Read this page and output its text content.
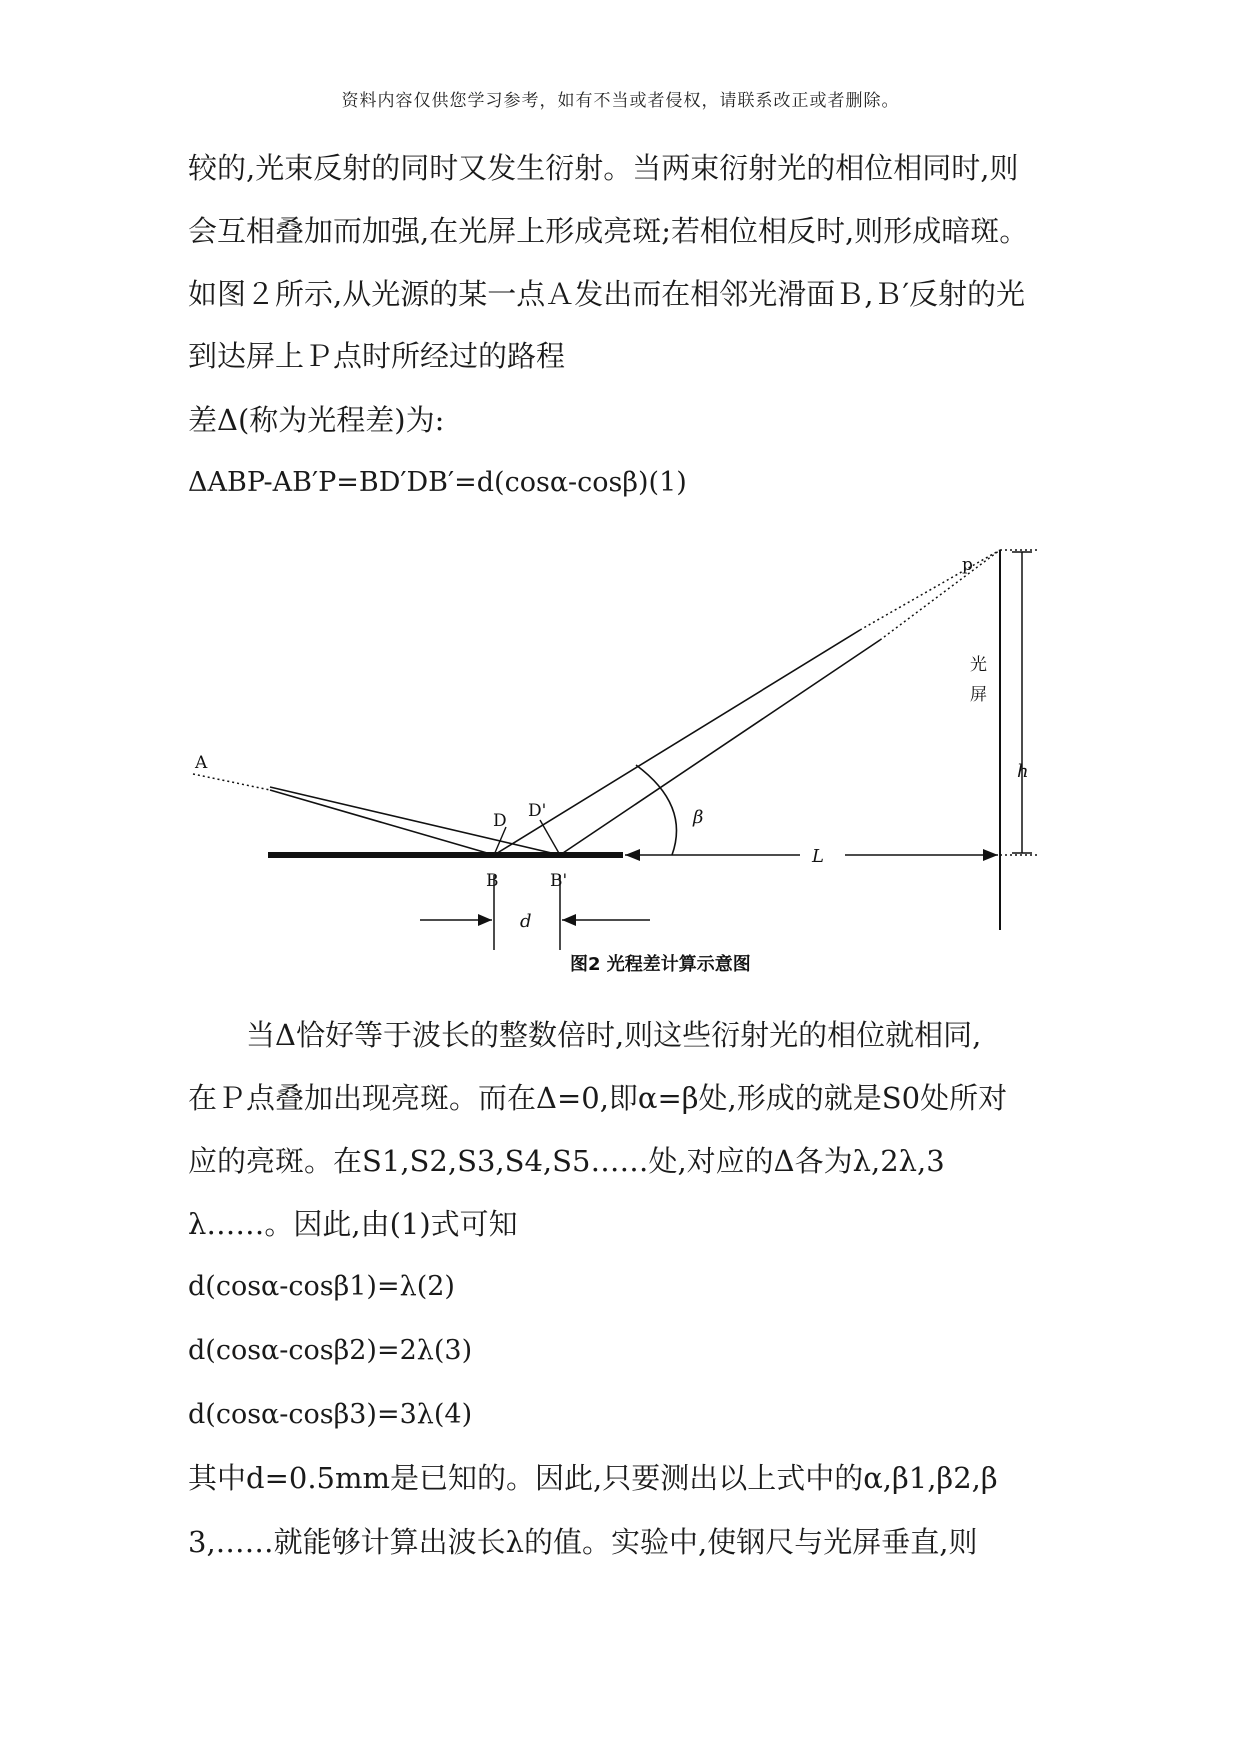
资料内容仅供您学习参考，如有不当或者侵权，请联系改正或者删除。
较的,光束反射的同时又发生衍射。当两束衍射光的相位相同时,则
会互相叠加而加强,在光屏上形成亮斑;若相位相反时,则形成暗斑。
如图２所示,从光源的某一点Ａ发出而在相邻光滑面Ｂ,Ｂ′反射的光
到达屏上Ｐ点时所经过的路程
差Δ(称为光程差)为:
ΔABP-AB′P=BD′DB′=d(cosα-cosβ)(1)
A
D D'
B	B'
p
β
L
h
d
光
屏
图2 光程差计算示意图
当Δ恰好等于波长的整数倍时,则这些衍射光的相位就相同,
在Ｐ点叠加出现亮斑。而在Δ=0,即α=β处,形成的就是S0处所对
应的亮斑。在S1,S2,S3,S4,S5……处,对应的Δ各为λ,2λ,3
λ……。因此,由(1)式可知
d(cosα-cosβ1)=λ(2)
d(cosα-cosβ2)=2λ(3)
d(cosα-cosβ3)=3λ(4)
其中d=0.5mm是已知的。因此,只要测出以上式中的α,β1,β2,β
3,……就能够计算出波长λ的值。实验中,使钢尺与光屏垂直,则
